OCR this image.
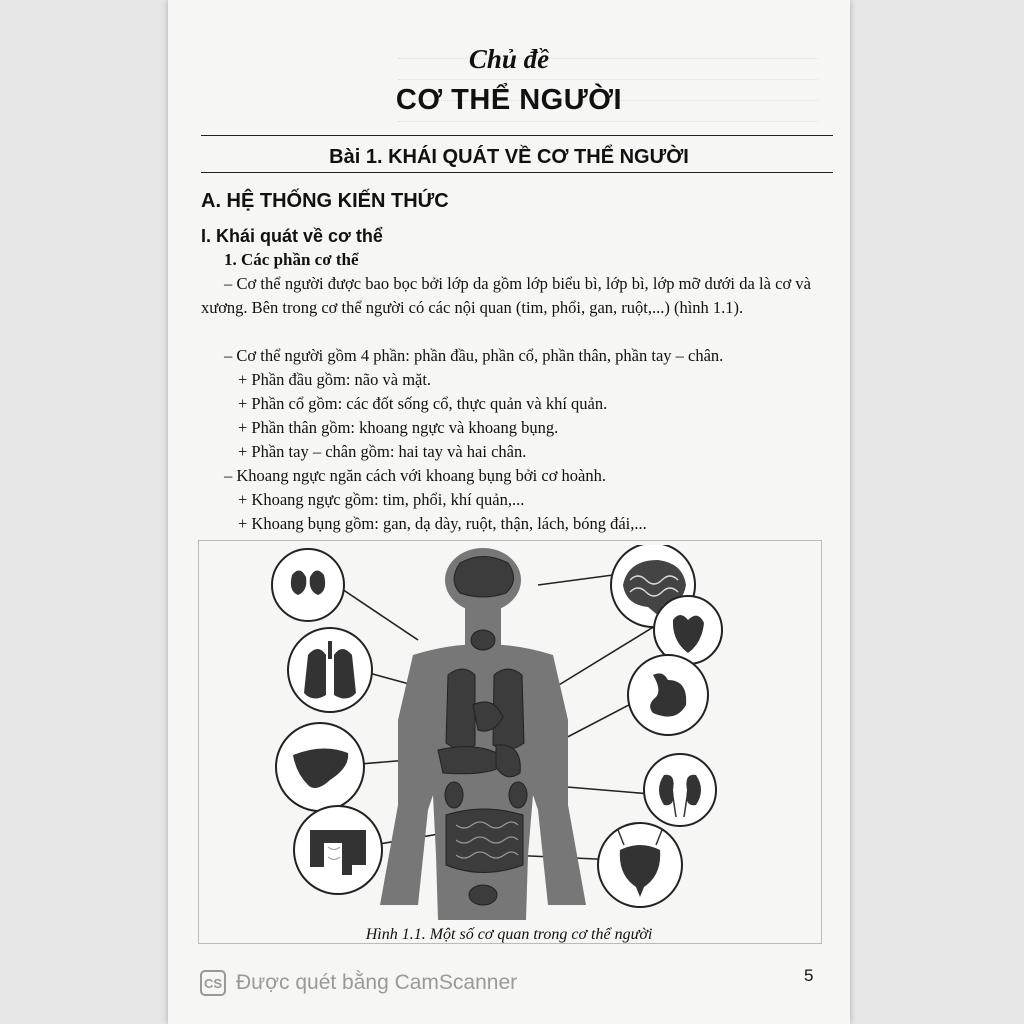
Chủ đề
CƠ THỂ NGƯỜI
Bài 1. KHÁI QUÁT VỀ CƠ THỂ NGƯỜI
A. HỆ THỐNG KIẾN THỨC
I. Khái quát về cơ thể
1. Các phần cơ thể
– Cơ thể người được bao bọc bởi lớp da gồm lớp biểu bì, lớp bì, lớp mỡ dưới da là cơ và xương. Bên trong cơ thể người có các nội quan (tim, phổi, gan, ruột,...) (hình 1.1).
– Cơ thể người gồm 4 phần: phần đầu, phần cổ, phần thân, phần tay – chân.
+ Phần đầu gồm: não và mặt.
+ Phần cổ gồm: các đốt sống cổ, thực quản và khí quản.
+ Phần thân gồm: khoang ngực và khoang bụng.
+ Phần tay – chân gồm: hai tay và hai chân.
– Khoang ngực ngăn cách với khoang bụng bởi cơ hoành.
+ Khoang ngực gồm: tim, phổi, khí quản,...
+ Khoang bụng gồm: gan, dạ dày, ruột, thận, lách, bóng đái,...
Hình 1.1. Một số cơ quan trong cơ thể người
5
CS Được quét bằng CamScanner
